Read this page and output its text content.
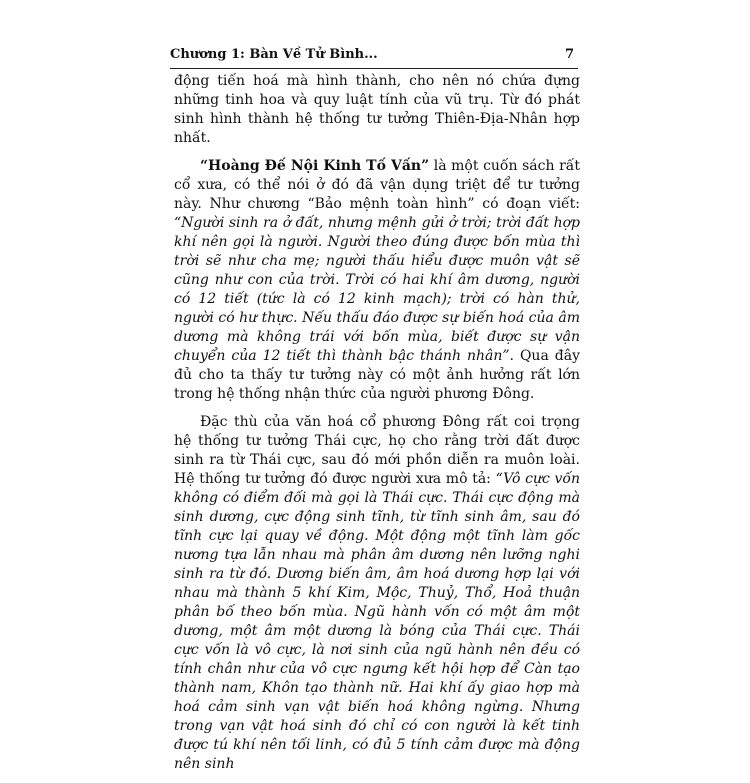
Chương 1: Bàn Về Tử Bình...	7

động tiến hoá mà hình thành, cho nên nó chứa đựng những tinh hoa và quy luật tính của vũ trụ. Từ đó phát sinh hình thành hệ thống tư tưởng Thiên-Địa-Nhân hợp nhất.

“Hoàng Đế Nội Kinh Tố Vấn” là một cuốn sách rất cổ xưa, có thể nói ở đó đã vận dụng triệt để tư tưởng này. Như chương “Bảo mệnh toàn hình” có đoạn viết: “Người sinh ra ở đất, nhưng mệnh gửi ở trời; trời đất hợp khí nên gọi là người. Người theo đúng được bốn mùa thì trời sẽ như cha mẹ; người thấu hiểu được muôn vật sẽ cũng như con của trời. Trời có hai khí âm dương, người có 12 tiết (tức là có 12 kinh mạch); trời có hàn thử, người có hư thực. Nếu thấu đáo được sự biến hoá của âm dương mà không trái với bốn mùa, biết được sự vận chuyển của 12 tiết thì thành bậc thánh nhân”. Qua đây đủ cho ta thấy tư tưởng này có một ảnh hưởng rất lớn trong hệ thống nhận thức của người phương Đông.

Đặc thù của văn hoá cổ phương Đông rất coi trọng hệ thống tư tưởng Thái cực, họ cho rằng trời đất được sinh ra từ Thái cực, sau đó mới phồn diễn ra muôn loài. Hệ thống tư tưởng đó được người xưa mô tả: “Vô cực vốn không có điểm đối mà gọi là Thái cực. Thái cực động mà sinh dương, cực động sinh tĩnh, từ tĩnh sinh âm, sau đó tĩnh cực lại quay về động. Một động một tĩnh làm gốc nương tựa lẫn nhau mà phân âm dương nên lưỡng nghi sinh ra từ đó. Dương biến âm, âm hoá dương hợp lại với nhau mà thành 5 khí Kim, Mộc, Thuỷ, Thổ, Hoả thuận phân bố theo bốn mùa. Ngũ hành vốn có một âm một dương, một âm một dương là bóng của Thái cực. Thái cực vốn là vô cực, là nơi sinh của ngũ hành nên đều có tính chân như của vô cực ngưng kết hội hợp để Càn tạo thành nam, Khôn tạo thành nữ. Hai khí ấy giao hợp mà hoá cảm sinh vạn vật biến hoá không ngừng. Nhưng trong vạn vật hoá sinh đó chỉ có con người là kết tinh được tú khí nên tối linh, có đủ 5 tính cảm được mà động nên sinh
